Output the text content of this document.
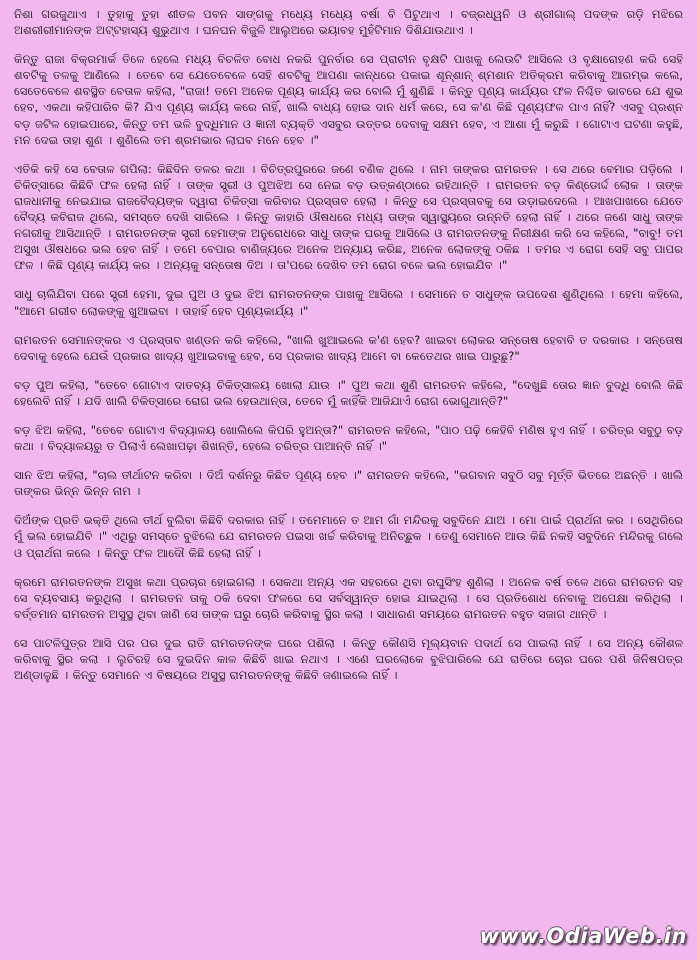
ନିଶା ଗରଜୁଥାଏ । ତୁହାକୁ ତୁହା ଶୀତଳ ପବନ ସାଙ୍ଗକୁ ମଧ୍ୟେ ମଧ୍ୟେ ବର୍ଷା ବି ପିଟୁଥାଏ । ବଜ୍ରଧ୍ୱନି ଓ ଶ୍ରୀଗାଲ୍ ପଦଙ୍କ ରଡ଼ି ମଝିରେ ଅଶରୀରୀମାନଙ୍କ ଅଟ୍ଟହାସ୍ୟ ଶୁଭୁଥାଏ । ଘନଘନ ବିଜୁଳି ଆଲୁଅରେ ଭୟାବହ ମୁହଁଟିମାନ ଦିଶିଯାଉଥାଏ ।

କିନ୍ତୁ ରାଜା ବିକ୍ରମାର୍କ ତିଳେ ହେଲେ ମଧ୍ୟ ବିଚଳିତ ବୋଧ ନକରି ପୁନର୍ବାର ସେ ପ୍ରାଚୀନ ବୃକ୍ଷଟି ପାଖକୁ ଲେଉଟି ଆସିଲେ ଓ ବୃକ୍ଷାରୋହଣ କରି ସେହି ଶବଟିକୁ ତଳକୁ ଆଣିଲେ । ତେବେ ସେ ଯେତେବେଳେ ସେହି ଶବଟିକୁ ଆପଣା କାନ୍ଧରେ ପକାଇ ଶୂନ୍ଶାନ୍ ଶ୍ମଶାନ ଅତିକ୍ରମ କରିବାକୁ ଆରମ୍ଭ କଲେ, ସେତେବେଳେ ଶବସ୍ଥିତ ବେତାଳ କହିଲା, "ରାଜା! ତମେ ଅନେକ ପୂଣ୍ୟ କାର୍ଯ୍ୟ କର ବୋଲି ମୁଁ ଶୁଣିଛି । କିନ୍ତୁ ପୂଣ୍ୟ କାର୍ଯ୍ୟର ଫଳ ନିଶ୍ଚିତ ଭାବରେ ଯେ ଶୁଭ ହେବ, ଏକଥା କହିପାରିବ କି? ଯିଏ ପୂଣ୍ୟ କାର୍ଯ୍ୟ କରେ ନାହିଁ, ଖାଲି ବାଧ୍ୟ ହୋଇ ଦାନ ଧର୍ମ କରେ, ସେ କ'ଣ କିଛି ପୂଣ୍ୟଫଳ ପାଏ ନାହିଁ? ଏସବୁ ପ୍ରଶ୍ନ ବଡ଼ ଜଟିଳ ହୋଇପାରେ, କିନ୍ତୁ ତମ ଭଳି ବୁଦ୍ଧିମାନ ଓ ଜ୍ଞାନୀ ବ୍ୟକ୍ତି ଏସବୁର ଉତ୍ତର ଦେବାକୁ ସକ୍ଷମ ହେବ, ଏ ଆଶା ମୁଁ କରୁଛି । ଗୋଟାଏ ଘଟଣା କହୁଛି, ମନ ଦେଇ ତାହା ଶୁଣ । ଶୁଣିଲେ ତମ ଶ୍ରମଭାର ଲାଘବ ମନେ ହେବ ।"

ଏତିକି କହି ସେ ବେତାଳ ଗପିଲା: କିଛିଦିନ ତଳର କଥା । ବିଚିତ୍ରପୁରରେ ଜଣେ ବଣିକ ଥିଲେ । ନାମ ତାଙ୍କର ରାମରତନ । ସେ ଥରେ ବେମାର ପଡ଼ିଲେ । ଚିକିତ୍ସାରେ କିଛିବି ଫଳ ହେଲା ନାହିଁ । ତାଙ୍କ ସ୍ତ୍ରୀ ଓ ପୁଅଝିଅ ସେ ନେଇ ବଡ଼ ଉତ୍କଣ୍ଠାରେ ରହିଥାନ୍ତି । ରାମରତନ ବଡ଼ କିଣ୍ଡୋର୍ଦ୍ଦ ଲୋକ । ତାଙ୍କ ରାଜଧାନୀକୁ ନେଇଯାଇ ରାଜବୈଦ୍ୟଙ୍କ ଦ୍ୱାରା ଚିକିତ୍ସା କରିବାର ପ୍ରସ୍ତାବ ହେଲା । କିନ୍ତୁ ସେ ପ୍ରସ୍ତାବକୁ ସେ ଉଡ଼ାଇଦେଲେ । ଆଖପାଖରେ ଯେତେ ବୈଦ୍ୟ କବିରାଜ ଥିଲେ, ସମସ୍ତେ ଦେଖି ସାରିଲେ । କିନ୍ତୁ କାହାରି ଔଷଧରେ ମଧ୍ୟ ତାଙ୍କ ସ୍ୱାସ୍ଥ୍ୟରେ ଉନ୍ନତି ହେଲା ନାହିଁ । ଥରେ ଜଣେ ସାଧୁ ତାଙ୍କ ନଗରୀକୁ ଆସିଥାନ୍ତି । ରାମରତନଙ୍କ ସ୍ତ୍ରୀ ହେମାଙ୍କ ଅନୁରୋଧରେ ସାଧୁ ତାଙ୍କ ଘରକୁ ଆସିଲେ ଓ ରାମରତନଙ୍କୁ ନିରୀକ୍ଷଣ କରି ସେ କହିଲେ, "ବାବୁ! ତମ ଅସୁଖ ଔଷଧରେ ଭଲ ହେବ ନାହିଁ । ତମେ ବେପାର ବାଣିଜ୍ୟରେ ଅନେକ ଅନ୍ୟାୟ କରିଛ, ଅନେକ ଲୋକଙ୍କୁ ଠକିଛ । ତମର ଏ ରୋଗ ସେହି ସବୁ ପାପର ଫଳ । କିଛି ପୂଣ୍ୟ କାର୍ଯ୍ୟ କର । ଅନ୍ୟକୁ ସନ୍ତୋଷ ଦିଅ । ତା'ପରେ ଦେଖିବ ତମ ରୋଗ ବଳେ ଭଲ ହୋଇଯିବ ।"

ସାଧୁ ଚାଲିଯିବା ପରେ ସ୍ତ୍ରୀ ହେମା, ଦୁଇ ପୁଅ ଓ ଦୁଇ ଝିଅ ରାମରତନଙ୍କ ପାଖକୁ ଆସିଲେ । ସେମାନେ ତ ସାଧୁଙ୍କ ଉପଦେଶ ଶୁଣିଥିଲେ । ହେମା କହିଲେ, "ଆମେ ଗରୀବ ଲୋକଙ୍କୁ ଖୁଆଇବା । ତାହାହିଁ ହେବ ପୂଣ୍ୟକାର୍ଯ୍ୟ ।"

ରାମରତନ ସେମାନଙ୍କର ଏ ପ୍ରସ୍ତାବ ଖଣ୍ଡନ କରି କହିଲେ, "ଖାଲି ଖୁଆଇଲେ କ'ଣ ହେବ? ଖାଇବା ଲୋକର ସନ୍ତୋଷ ହେବାବି ତ ଦରକାର । ସନ୍ତୋଷ ଦେବାକୁ ହେଲେ ଯେଉଁ ପ୍ରକାର ଖାଦ୍ୟ ଖୁଆଇବାକୁ ହେବ, ସେ ପ୍ରକାର ଖାଦ୍ୟ ଆମେ ବା କେତେଥର ଖାଇ ପାରୁଛୁ?"

ବଡ଼ ପୁଅ କହିଲା, "ତେବେ ଗୋଟାଏ ଦାତବ୍ୟ ଚିକିତ୍ସାଳୟ ଖୋଲା ଯାଉ ।" ପୁଅ କଥା ଶୁଣି ରାମରତନ କହିଲେ, "ଦେଖୁଛି ତୋର ଜ୍ଞାନ ବୁଦ୍ଧି ବୋଲି କିଛି ହେଲେବି ନାହିଁ । ଯଦି ଖାଲି ଚିକିତ୍ସାରେ ରୋଗ ଭଲ ହେଉଥାନ୍ତା, ତେବେ ମୁଁ କାହିଁକି ଆଜିଯାଏଁ ରୋଗ ଭୋଗୁଥାନ୍ତି?"

ବଡ଼ ଝିଅ କହିଲା, "ତେବେ ଗୋଟାଏ ବିଦ୍ୟାଳୟ ଖୋଲିଲେ କିପରି ହୁଅନ୍ତା?" ରାମରତନ କହିଲେ, "ପାଠ ପଢ଼ି କେହିବି ମଣିଷ ହୁଏ ନାହିଁ । ଚରିତ୍ର ସବୁଠୁ ବଡ଼ କଥା । ବିଦ୍ୟାଳୟରୁ ତ ପିଲାଏଁ ଲେଖାପଢ଼ା ଶିଖନ୍ତି, ହେଲେ ଚରିତ୍ର ପାଆନ୍ତି ନାହିଁ ।"

ସାନ ଝିଅ କହିଲା, "ଚାଲ ତୀର୍ଥାଟନ କରିବା । ଦିଅଁ ଦର୍ଶନରୁ କିଛିତ ପୂଣ୍ୟ ହେବ ।" ରାମରତନ କହିଲେ, "ଭଗବାନ ସବୁଠି ସବୁ ମୂର୍ତ୍ତି ଭିତରେ ଅଛନ୍ତି । ଖାଲି ତାଙ୍କର ଭିନ୍ନ ଭିନ୍ନ ନାମ ।

ଦିଅଁଙ୍କ ପ୍ରତି ଭକ୍ତି ଥିଲେ ତୀର୍ଥ ବୁଲିବା କିଛିବି ଦରକାର ନାହିଁ । ତମେମାନେ ତ ଆମ ଗାଁ ମନ୍ଦିରକୁ ସବୁଦିନେ ଯାଅ । ମୋ ପାଇଁ ପ୍ରାର୍ଥନା କର । ସେଥିରିରେ ମୁଁ ଭଲ ହୋଇଯିବି ।" ଏଥିରୁ ସମସ୍ତେ ବୁଝିଲେ ଯେ ରାମରତନ ପଇସା ଖର୍ଚ୍ଚ କରିବାକୁ ଅନିଚ୍ଛୁକ । ତେଣୁ ସେମାନେ ଆଉ କିଛି ନକହି ସବୁଦିନେ ମନ୍ଦିରକୁ ଗଲେ ଓ ପ୍ରାର୍ଥନା କଲେ । କିନ୍ତୁ ଫଳ ଆଦୌ କିଛି ହେଲା ନାହିଁ ।

କ୍ରମେ ରାମରତନଙ୍କ ଅସୁଖ କଥା ପ୍ରଚାର ହୋଇଗଲା । ସେକଥା ଅନ୍ୟ ଏକ ସହରରେ ଥିବା ରଘୁସିଂହ ଶୁଣିଲା । ଅନେକ ବର୍ଷ ତଳେ ଥରେ ରାମରତନ ସହ ସେ ବ୍ୟବସାୟ କରୁଥିଲା । ରାମରତନ ତାକୁ ଠକି ଦେବା ଫଳରେ ସେ ସର୍ବସ୍ୱାନ୍ତ ହୋଇ ଯାଇଥିଲା । ସେ ପ୍ରତିଶୋଧ ନେବାକୁ ଅପେକ୍ଷା କରିଥିଲା । ବର୍ତ୍ତମାନ ରାମରତନ ଅସୁସ୍ଥ ଥିବା ଜାଣି ସେ ତାଙ୍କ ଘରୁ ଚୋରି କରିବାକୁ ସ୍ଥିର କଲା । ସାଧାରଣ ସମୟରେ ରାମରତନ ବହୁତ ସଜାଗ ଥାନ୍ତି ।

ସେ ପାଟଳିପୁତ୍ର ଆସି ପର ପର ଦୁଇ ରାତି ରାମରତନଙ୍କ ଘରେ ପଶିଲା । କିନ୍ତୁ କୌଣସି ମୂଲ୍ୟବାନ ପଦାର୍ଥ ସେ ପାଇଲା ନାହିଁ । ସେ ଅନ୍ୟ କୌଶଳ କରିବାକୁ ସ୍ଥିର କଲା । ଲୁଚିରହି ସେ ଦୁଇଦିନ କାଳ କିଛିବି ଖାଇ ନଥାଏ । ଏଣେ ଘରଲୋକେ ବୁଝିପାରିଲେ ଯେ ରାତିରେ ଚୋର ଘରେ ପଶି ଜିନିଷପତ୍ର ଅଣ୍ଡାଳୁଛି । କିନ୍ତୁ ସେମାନେ ଏ ବିଷୟରେ ଅସୁସ୍ଥ ରାମରତନଙ୍କୁ କିଛିବି ଜଣାଇଲେ ନାହିଁ ।

www.OdiaWeb.in
